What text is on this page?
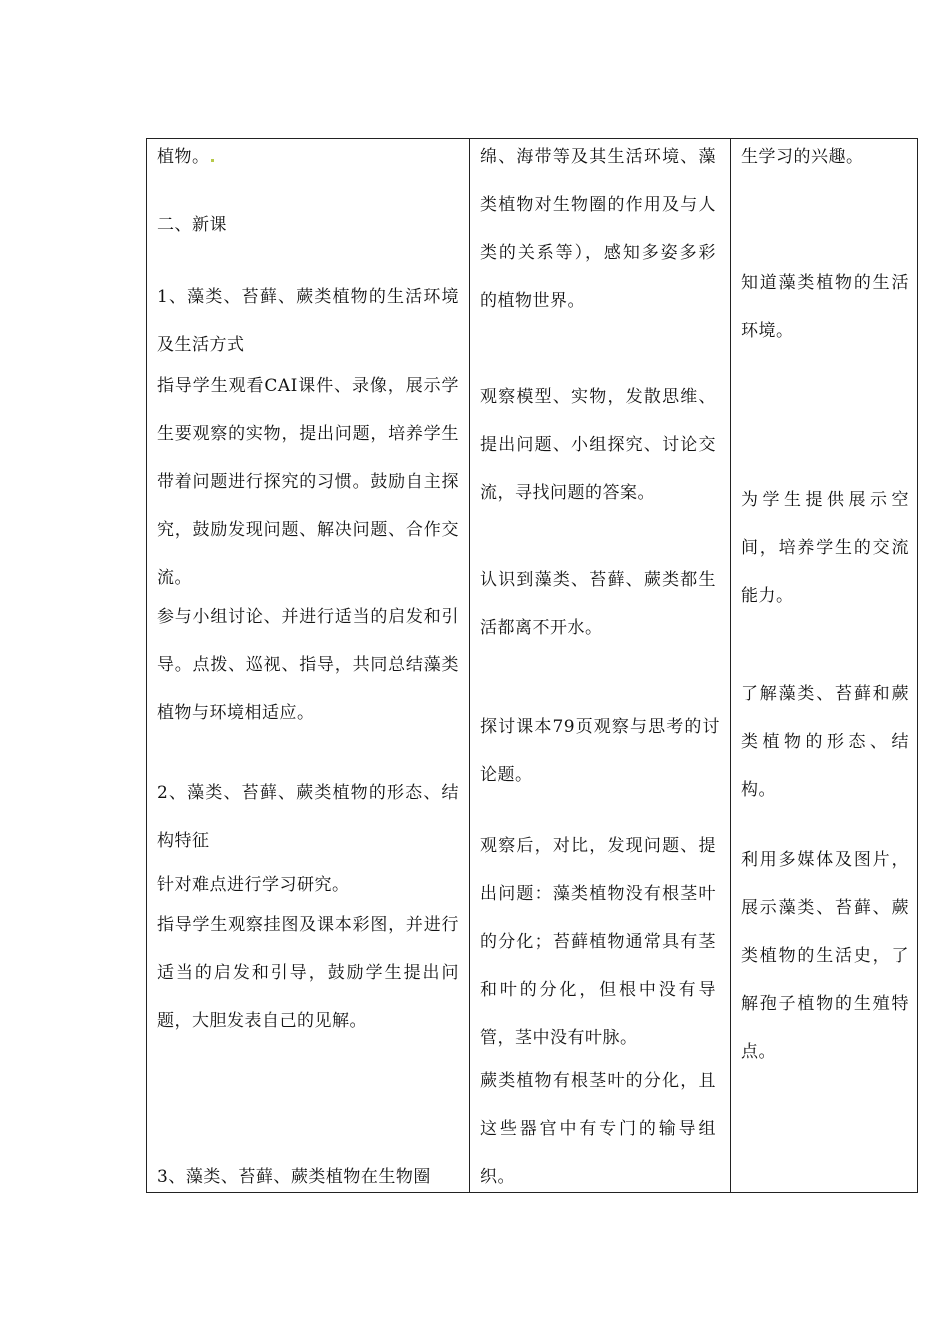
植物。

二、新课

1、藻类、苔藓、蕨类植物的生活环境及生活方式

指导学生观看CAI课件、录像，展示学生要观察的实物，提出问题，培养学生带着问题进行探究的习惯。鼓励自主探究，鼓励发现问题、解决问题、合作交流。

参与小组讨论、并进行适当的启发和引导。点拨、巡视、指导，共同总结藻类植物与环境相适应。

2、藻类、苔藓、蕨类植物的形态、结构特征

针对难点进行学习研究。

指导学生观察挂图及课本彩图，并进行适当的启发和引导，鼓励学生提出问题，大胆发表自己的见解。

3、藻类、苔藓、蕨类植物在生物圈

绵、海带等及其生活环境、藻类植物对生物圈的作用及与人类的关系等），感知多姿多彩的植物世界。

观察模型、实物，发散思维、提出问题、小组探究、讨论交流，寻找问题的答案。

认识到藻类、苔藓、蕨类都生活都离不开水。

探讨课本79页观察与思考的讨论题。

观察后，对比，发现问题、提出问题：藻类植物没有根茎叶的分化；苔藓植物通常具有茎和叶的分化，但根中没有导管，茎中没有叶脉。

蕨类植物有根茎叶的分化，且这些器官中有专门的输导组织。

生学习的兴趣。

知道藻类植物的生活环境。

为学生提供展示空间，培养学生的交流能力。

了解藻类、苔藓和蕨类植物的形态、结构。

利用多媒体及图片，展示藻类、苔藓、蕨类植物的生活史，了解孢子植物的生殖特点。
